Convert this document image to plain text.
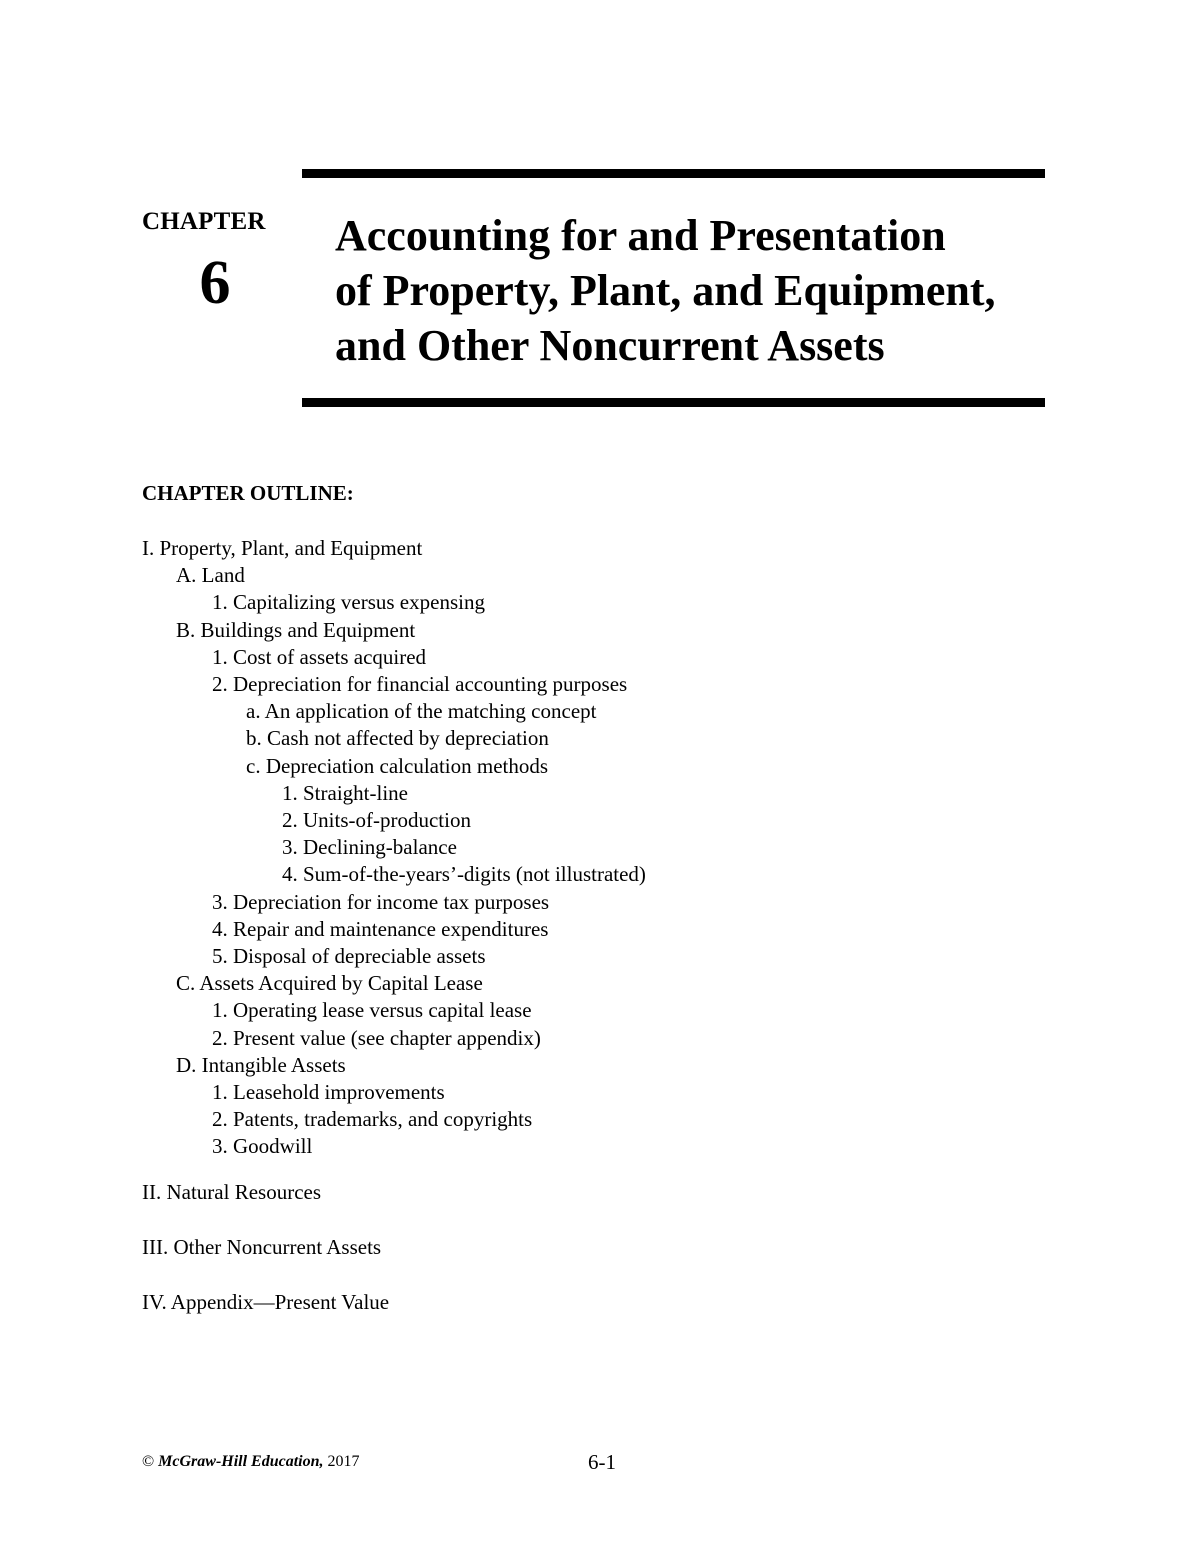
CHAPTER
6
Accounting for and Presentation
of Property, Plant, and Equipment,
and Other Noncurrent Assets
CHAPTER OUTLINE:
I. Property, Plant, and Equipment
A. Land
1. Capitalizing versus expensing
B. Buildings and Equipment
1. Cost of assets acquired
2. Depreciation for financial accounting purposes
a. An application of the matching concept
b. Cash not affected by depreciation
c. Depreciation calculation methods
1. Straight-line
2. Units-of-production
3. Declining-balance
4. Sum-of-the-years’-digits (not illustrated)
3. Depreciation for income tax purposes
4. Repair and maintenance expenditures
5. Disposal of depreciable assets
C. Assets Acquired by Capital Lease
1. Operating lease versus capital lease
2. Present value (see chapter appendix)
D. Intangible Assets
1. Leasehold improvements
2. Patents, trademarks, and copyrights
3. Goodwill
II. Natural Resources
III. Other Noncurrent Assets
IV. Appendix—Present Value
© McGraw-Hill Education, 2017	6-1
